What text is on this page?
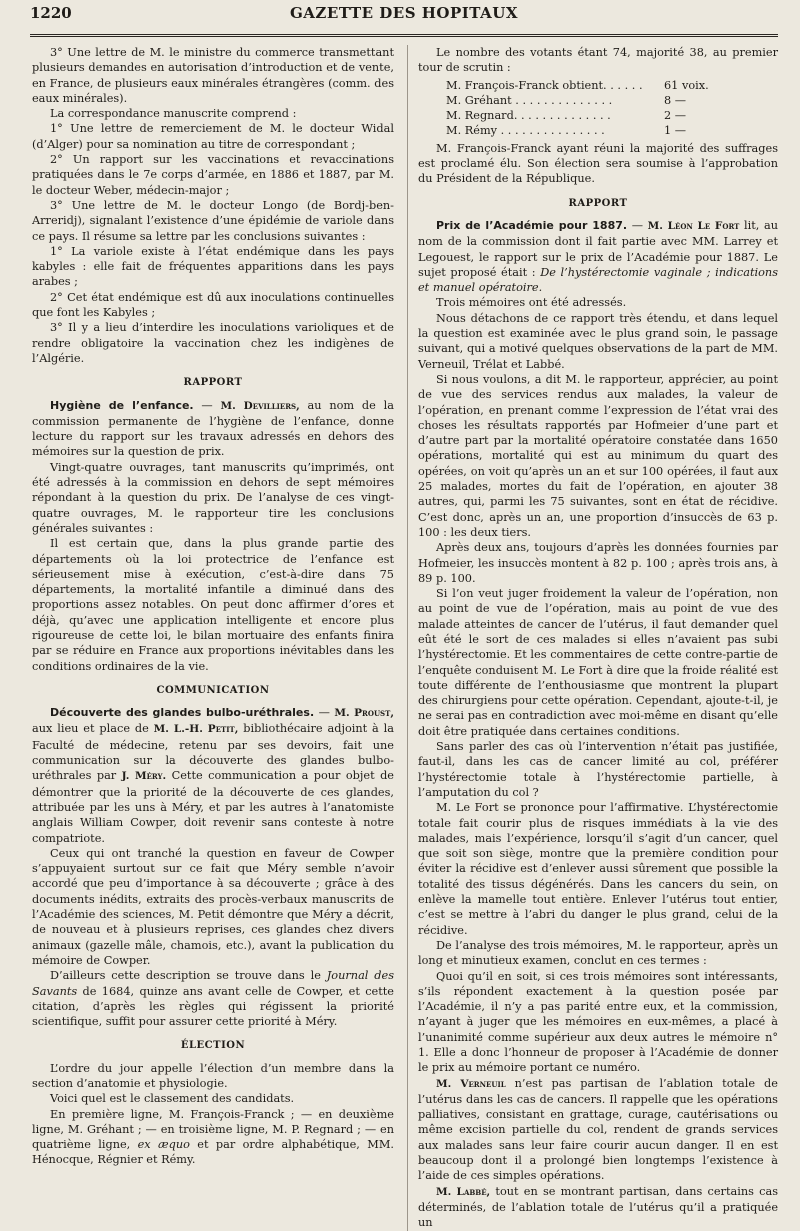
1220	GAZETTE DES HOPITAUX

3° Une lettre de M. le ministre du commerce transmettant plusieurs demandes en autorisation d’introduction et de vente, en France, de plusieurs eaux minérales étrangères (comm. des eaux minérales).

La correspondance manuscrite comprend :

1° Une lettre de remerciement de M. le docteur Widal (d’Alger) pour sa nomination au titre de correspondant ;

2° Un rapport sur les vaccinations et revaccinations pratiquées dans le 7e corps d’armée, en 1886 et 1887, par M. le docteur Weber, médecin-major ;

3° Une lettre de M. le docteur Longo (de Bordj-ben-Arreridj), signalant l’existence d’une épidémie de variole dans ce pays. Il résume sa lettre par les conclusions suivantes :

1° La variole existe à l’état endémique dans les pays kabyles : elle fait de fréquentes apparitions dans les pays arabes ;

2° Cet état endémique est dû aux inoculations continuelles que font les Kabyles ;

3° Il y a lieu d’interdire les inoculations varioliques et de rendre obligatoire la vaccination chez les indigènes de l’Algérie.

RAPPORT

Hygiène de l’enfance. — M. Devilliers, au nom de la commission permanente de l’hygiène de l’enfance, donne lecture du rapport sur les travaux adressés en dehors des mémoires sur la question de prix.

Vingt-quatre ouvrages, tant manuscrits qu’imprimés, ont été adressés à la commission en dehors de sept mémoires répondant à la question du prix. De l’analyse de ces vingt-quatre ouvrages, M. le rapporteur tire les conclusions générales suivantes :

Il est certain que, dans la plus grande partie des départements où la loi protectrice de l’enfance est sérieusement mise à exécution, c’est-à-dire dans 75 départements, la mortalité infantile a diminué dans des proportions assez notables. On peut donc affirmer d’ores et déjà, qu’avec une application intelligente et encore plus rigoureuse de cette loi, le bilan mortuaire des enfants finira par se réduire en France aux proportions inévitables dans les conditions ordinaires de la vie.

COMMUNICATION

Découverte des glandes bulbo-uréthrales. — M. Proust, aux lieu et place de M. L.-H. Petit, bibliothécaire adjoint à la Faculté de médecine, retenu par ses devoirs, fait une communication sur la découverte des glandes bulbo-uréthrales par J. Méry. Cette communication a pour objet de démontrer que la priorité de la découverte de ces glandes, attribuée par les uns à Méry, et par les autres à l’anatomiste anglais William Cowper, doit revenir sans conteste à notre compatriote.

Ceux qui ont tranché la question en faveur de Cowper s’appuyaient surtout sur ce fait que Méry semble n’avoir accordé que peu d’importance à sa découverte ; grâce à des documents inédits, extraits des procès-verbaux manuscrits de l’Académie des sciences, M. Petit démontre que Méry a décrit, de nouveau et à plusieurs reprises, ces glandes chez divers animaux (gazelle mâle, chamois, etc.), avant la publication du mémoire de Cowper.

D’ailleurs cette description se trouve dans le Journal des Savants de 1684, quinze ans avant celle de Cowper, et cette citation, d’après les règles qui régissent la priorité scientifique, suffit pour assurer cette priorité à Méry.

ÉLECTION

L’ordre du jour appelle l’élection d’un membre dans la section d’anatomie et physiologie.

Voici quel est le classement des candidats.

En première ligne, M. François-Franck ; — en deuxième ligne, M. Gréhant ; — en troisième ligne, M. P. Regnard ; — en quatrième ligne, ex æquo et par ordre alphabétique, MM. Hénocque, Régnier et Rémy.

Le nombre des votants étant 74, majorité 38, au premier tour de scrutin :

M. François-Franck obtient. . . . . . 61 voix.
M. Gréhant . . . . . . . . . . . . . .	8 —
M. Regnard. . . . . . . . . . . . . .	2 —
M. Rémy . . . . . . . . . . . . . . .	1 —

M. François-Franck ayant réuni la majorité des suffrages est proclamé élu. Son élection sera soumise à l’approbation du Président de la République.

RAPPORT

Prix de l’Académie pour 1887. — M. Léon Le Fort lit, au nom de la commission dont il fait partie avec MM. Larrey et Legouest, le rapport sur le prix de l’Académie pour 1887. Le sujet proposé était : De l’hystérectomie vaginale ; indications et manuel opératoire.

Trois mémoires ont été adressés.

Nous détachons de ce rapport très étendu, et dans lequel la question est examinée avec le plus grand soin, le passage suivant, qui a motivé quelques observations de la part de MM. Verneuil, Trélat et Labbé.

Si nous voulons, a dit M. le rapporteur, apprécier, au point de vue des services rendus aux malades, la valeur de l’opération, en prenant comme l’expression de l’état vrai des choses les résultats rapportés par Hofmeier d’une part et d’autre part par la mortalité opératoire constatée dans 1650 opérations, mortalité qui est au minimum du quart des opérées, on voit qu’après un an et sur 100 opérées, il faut aux 25 malades, mortes du fait de l’opération, en ajouter 38 autres, qui, parmi les 75 suivantes, sont en état de récidive. C’est donc, après un an, une proportion d’insuccès de 63 p. 100 : les deux tiers.

Après deux ans, toujours d’après les données fournies par Hofmeier, les insuccès montent à 82 p. 100 ; après trois ans, à 89 p. 100.

Si l’on veut juger froidement la valeur de l’opération, non au point de vue de l’opération, mais au point de vue des malade atteintes de cancer de l’utérus, il faut demander quel eût été le sort de ces malades si elles n’avaient pas subi l’hystérectomie. Et les commentaires de cette contre-partie de l’enquête conduisent M. Le Fort à dire que la froide réalité est toute différente de l’enthousiasme que montrent la plupart des chirurgiens pour cette opération. Cependant, ajoute-t-il, je ne serai pas en contradiction avec moi-même en disant qu’elle doit être pratiquée dans certaines conditions.

Sans parler des cas où l’intervention n’était pas justifiée, faut-il, dans les cas de cancer limité au col, préférer l’hystérectomie totale à l’hystérectomie partielle, à l’amputation du col ?

M. Le Fort se prononce pour l’affirmative. L’hystérectomie totale fait courir plus de risques immédiats à la vie des malades, mais l’expérience, lorsqu’il s’agit d’un cancer, quel que soit son siège, montre que la première condition pour éviter la récidive est d’enlever aussi sûrement que possible la totalité des tissus dégénérés. Dans les cancers du sein, on enlève la mamelle tout entière. Enlever l’utérus tout entier, c’est se mettre à l’abri du danger le plus grand, celui de la récidive.

De l’analyse des trois mémoires, M. le rapporteur, après un long et minutieux examen, conclut en ces termes :

Quoi qu’il en soit, si ces trois mémoires sont intéressants, s’ils répondent exactement à la question posée par l’Académie, il n’y a pas parité entre eux, et la commission, n’ayant à juger que les mémoires en eux-mêmes, a placé à l’unanimité comme supérieur aux deux autres le mémoire n° 1. Elle a donc l’honneur de proposer à l’Académie de donner le prix au mémoire portant ce numéro.

M. Verneuil n’est pas partisan de l’ablation totale de l’utérus dans les cas de cancers. Il rappelle que les opérations palliatives, consistant en grattage, curage, cautérisations ou même excision partielle du col, rendent de grands services aux malades sans leur faire courir aucun danger. Il en est beaucoup dont il a prolongé bien longtemps l’existence à l’aide de ces simples opérations.

M. Labbé, tout en se montrant partisan, dans certains cas déterminés, de l’ablation totale de l’utérus qu’il a pratiquée un
